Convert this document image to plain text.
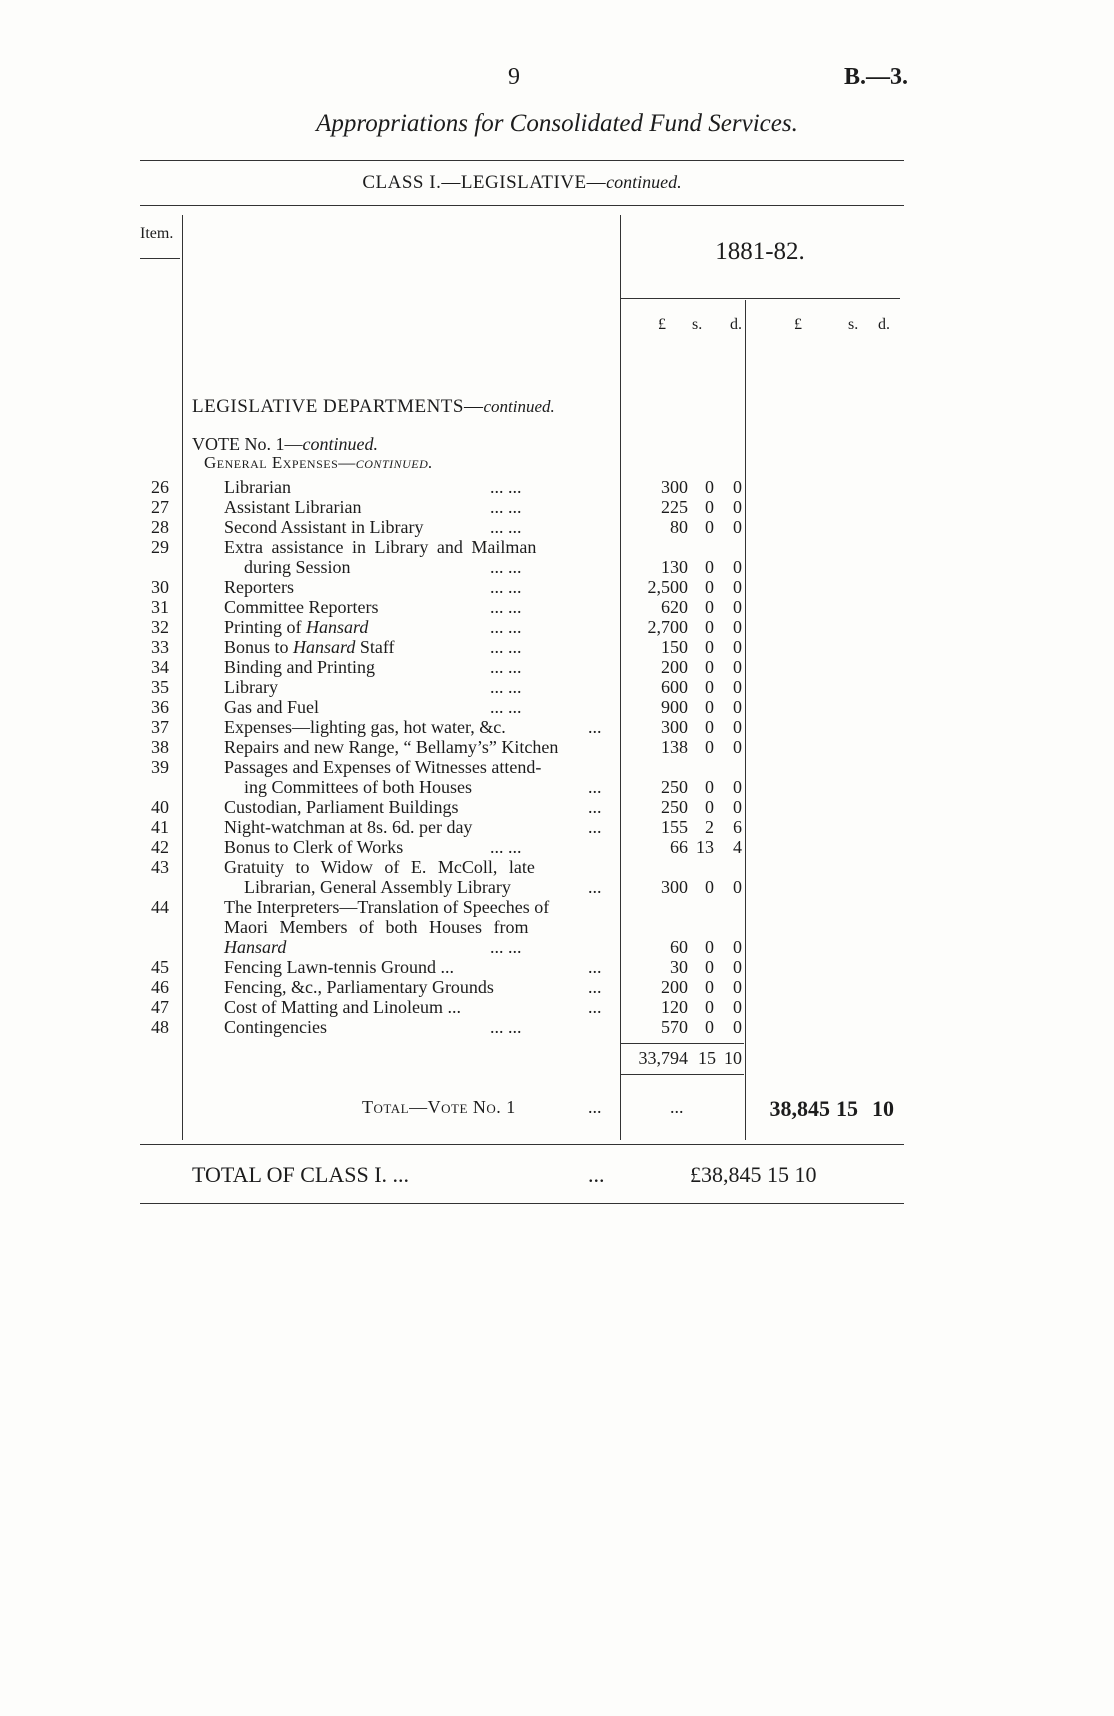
9	B.—3.
Appropriations for Consolidated Fund Services.
CLASS I.—LEGISLATIVE—continued.
Item.
1881-82.
£ s. d.	£	s. d.
LEGISLATIVE DEPARTMENTS—continued.
VOTE No. 1—continued.
General Expenses—continued.
26	Librarian	... ...	300 0	0
27	Assistant Librarian	... ...	225 0	0
28	Second Assistant in Library	... ...	80 0	0
29	Extra assistance in Library and Mailman
during Session	... ...	130 0	0
30	Reporters	... ...	2,500 0	0
31	Committee Reporters	... ...	620 0	0
32	Printing of Hansard	... ...	2,700 0	0
33	Bonus to Hansard Staff	... ...	150 0	0
34	Binding and Printing	... ...	200 0	0
35	Library	... ...	600 0	0
36	Gas and Fuel	... ...	900 0	0
37	Expenses—lighting gas, hot water, &c.	...	300 0	0
38	Repairs and new Range, “ Bellamy’s” Kitchen	138 0	0
39	Passages and Expenses of Witnesses attend-
ing Committees of both Houses	...	250 0	0
40	Custodian, Parliament Buildings	...	250 0	0
41	Night-watchman at 8s. 6d. per day	...	155 2	6
42	Bonus to Clerk of Works	... ...	66 13	4
43	Gratuity to Widow of E. McColl, late
Librarian, General Assembly Library	...	300 0	0
44	The Interpreters—Translation of Speeches of
Maori Members of both Houses from
Hansard	... ...	60 0	0
45	Fencing Lawn-tennis Ground ...	...	30 0	0
46	Fencing, &c., Parliamentary Grounds	...	200 0	0
47	Cost of Matting and Linoleum ...	...	120 0	0
48	Contingencies	... ...	570 0	0
33,794 15 10
Total—Vote No. 1	...	...	38,845 15 10
TOTAL OF CLASS I. ...	...	£38,845 15 10
